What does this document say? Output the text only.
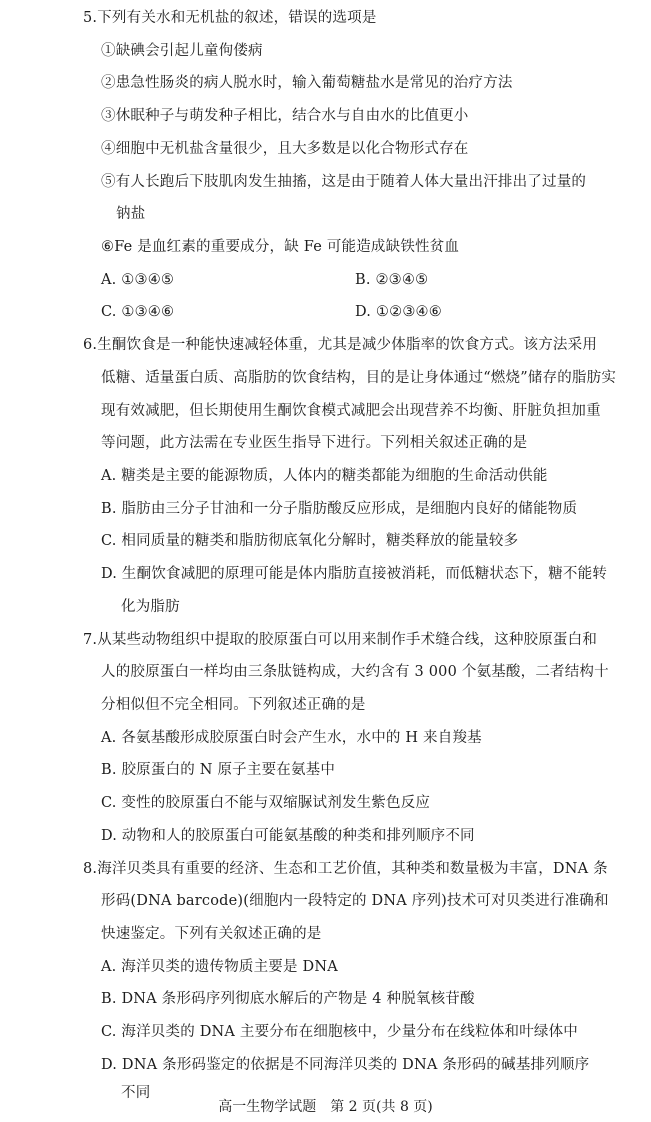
5.下列有关水和无机盐的叙述，错误的选项是
①缺碘会引起儿童佝偻病
②患急性肠炎的病人脱水时，输入葡萄糖盐水是常见的治疗方法
③休眠种子与萌发种子相比，结合水与自由水的比值更小
④细胞中无机盐含量很少，且大多数是以化合物形式存在
⑤有人长跑后下肢肌肉发生抽搐，这是由于随着人体大量出汗排出了过量的
钠盐
⑥Fe 是血红素的重要成分，缺 Fe 可能造成缺铁性贫血
A. ①③④⑤	B. ②③④⑤
C. ①③④⑥	D. ①②③④⑥
6.生酮饮食是一种能快速减轻体重，尤其是减少体脂率的饮食方式。该方法采用
低糖、适量蛋白质、高脂肪的饮食结构，目的是让身体通过“燃烧”储存的脂肪实
现有效减肥，但长期使用生酮饮食模式减肥会出现营养不均衡、肝脏负担加重
等问题，此方法需在专业医生指导下进行。下列相关叙述正确的是
A. 糖类是主要的能源物质，人体内的糖类都能为细胞的生命活动供能
B. 脂肪由三分子甘油和一分子脂肪酸反应形成，是细胞内良好的储能物质
C. 相同质量的糖类和脂肪彻底氧化分解时，糖类释放的能量较多
D. 生酮饮食减肥的原理可能是体内脂肪直接被消耗，而低糖状态下，糖不能转
化为脂肪
7.从某些动物组织中提取的胶原蛋白可以用来制作手术缝合线，这种胶原蛋白和
人的胶原蛋白一样均由三条肽链构成，大约含有 3 000 个氨基酸，二者结构十
分相似但不完全相同。下列叙述正确的是
A. 各氨基酸形成胶原蛋白时会产生水，水中的 H 来自羧基
B. 胶原蛋白的 N 原子主要在氨基中
C. 变性的胶原蛋白不能与双缩脲试剂发生紫色反应
D. 动物和人的胶原蛋白可能氨基酸的种类和排列顺序不同
8.海洋贝类具有重要的经济、生态和工艺价值，其种类和数量极为丰富，DNA 条
形码(DNA barcode)(细胞内一段特定的 DNA 序列)技术可对贝类进行准确和
快速鉴定。下列有关叙述正确的是
A. 海洋贝类的遗传物质主要是 DNA
B. DNA 条形码序列彻底水解后的产物是 4 种脱氧核苷酸
C. 海洋贝类的 DNA 主要分布在细胞核中，少量分布在线粒体和叶绿体中
D. DNA 条形码鉴定的依据是不同海洋贝类的 DNA 条形码的碱基排列顺序
不同
高一生物学试题　第 2 页(共 8 页)
